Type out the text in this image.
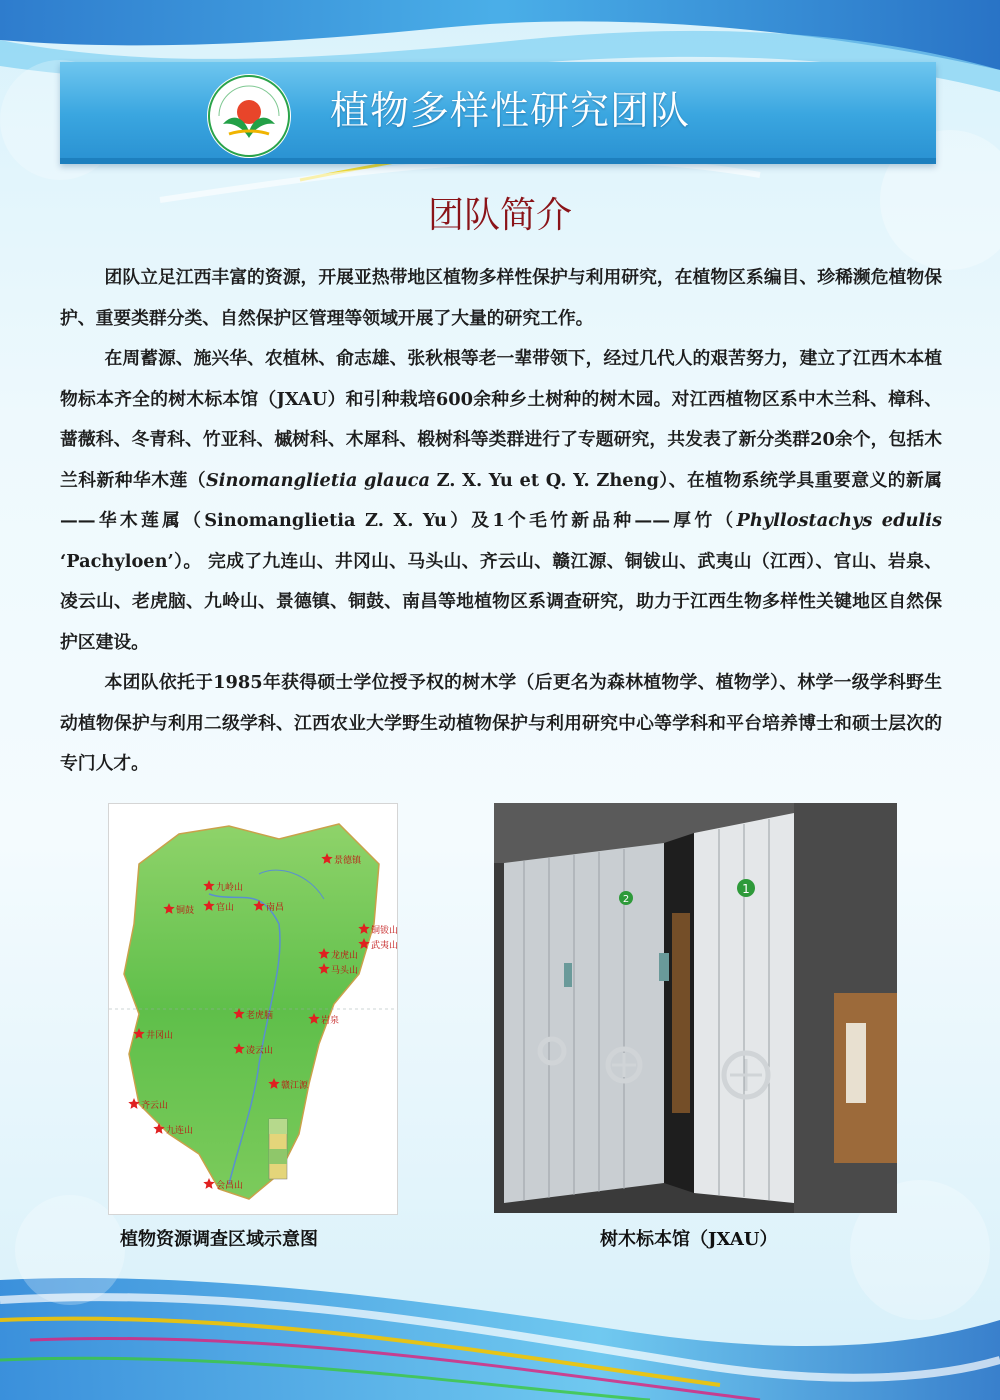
植物多样性研究团队
团队简介

团队立足江西丰富的资源，开展亚热带地区植物多样性保护与利用研究，在植物区系编目、珍稀濒危植物保护、重要类群分类、自然保护区管理等领域开展了大量的研究工作。

在周蓄源、施兴华、农植林、俞志雄、张秋根等老一辈带领下，经过几代人的艰苦努力，建立了江西木本植物标本齐全的树木标本馆（JXAU）和引种栽培600余种乡土树种的树木园。对江西植物区系中木兰科、樟科、蔷薇科、冬青科、竹亚科、槭树科、木犀科、椴树科等类群进行了专题研究，共发表了新分类群20余个，包括木兰科新种华木莲（Sinomanglietia glauca Z. X. Yu et Q. Y. Zheng）、在植物系统学具重要意义的新属——华木莲属（Sinomanglietia Z. X. Yu）及1个毛竹新品种——厚竹（Phyllostachys edulis ‘Pachyloen’）。 完成了九连山、井冈山、马头山、齐云山、赣江源、铜钹山、武夷山（江西）、官山、岩泉、凌云山、老虎脑、九岭山、景德镇、铜鼓、南昌等地植物区系调查研究，助力于江西生物多样性关键地区自然保护区建设。

本团队依托于1985年获得硕士学位授予权的树木学（后更名为森林植物学、植物学）、林学一级学科野生动植物保护与利用二级学科、江西农业大学野生动植物保护与利用研究中心等学科和平台培养博士和硕士层次的专门人才。

景德镇
九岭山
铜鼓 官山	南昌
铜钹山
武夷山
龙虎山
马头山
老虎脑	岩泉
井冈山
凌云山
赣江源
齐云山
九连山
会昌山
1
2
植物资源调查区域示意图	树木标本馆（JXAU）
